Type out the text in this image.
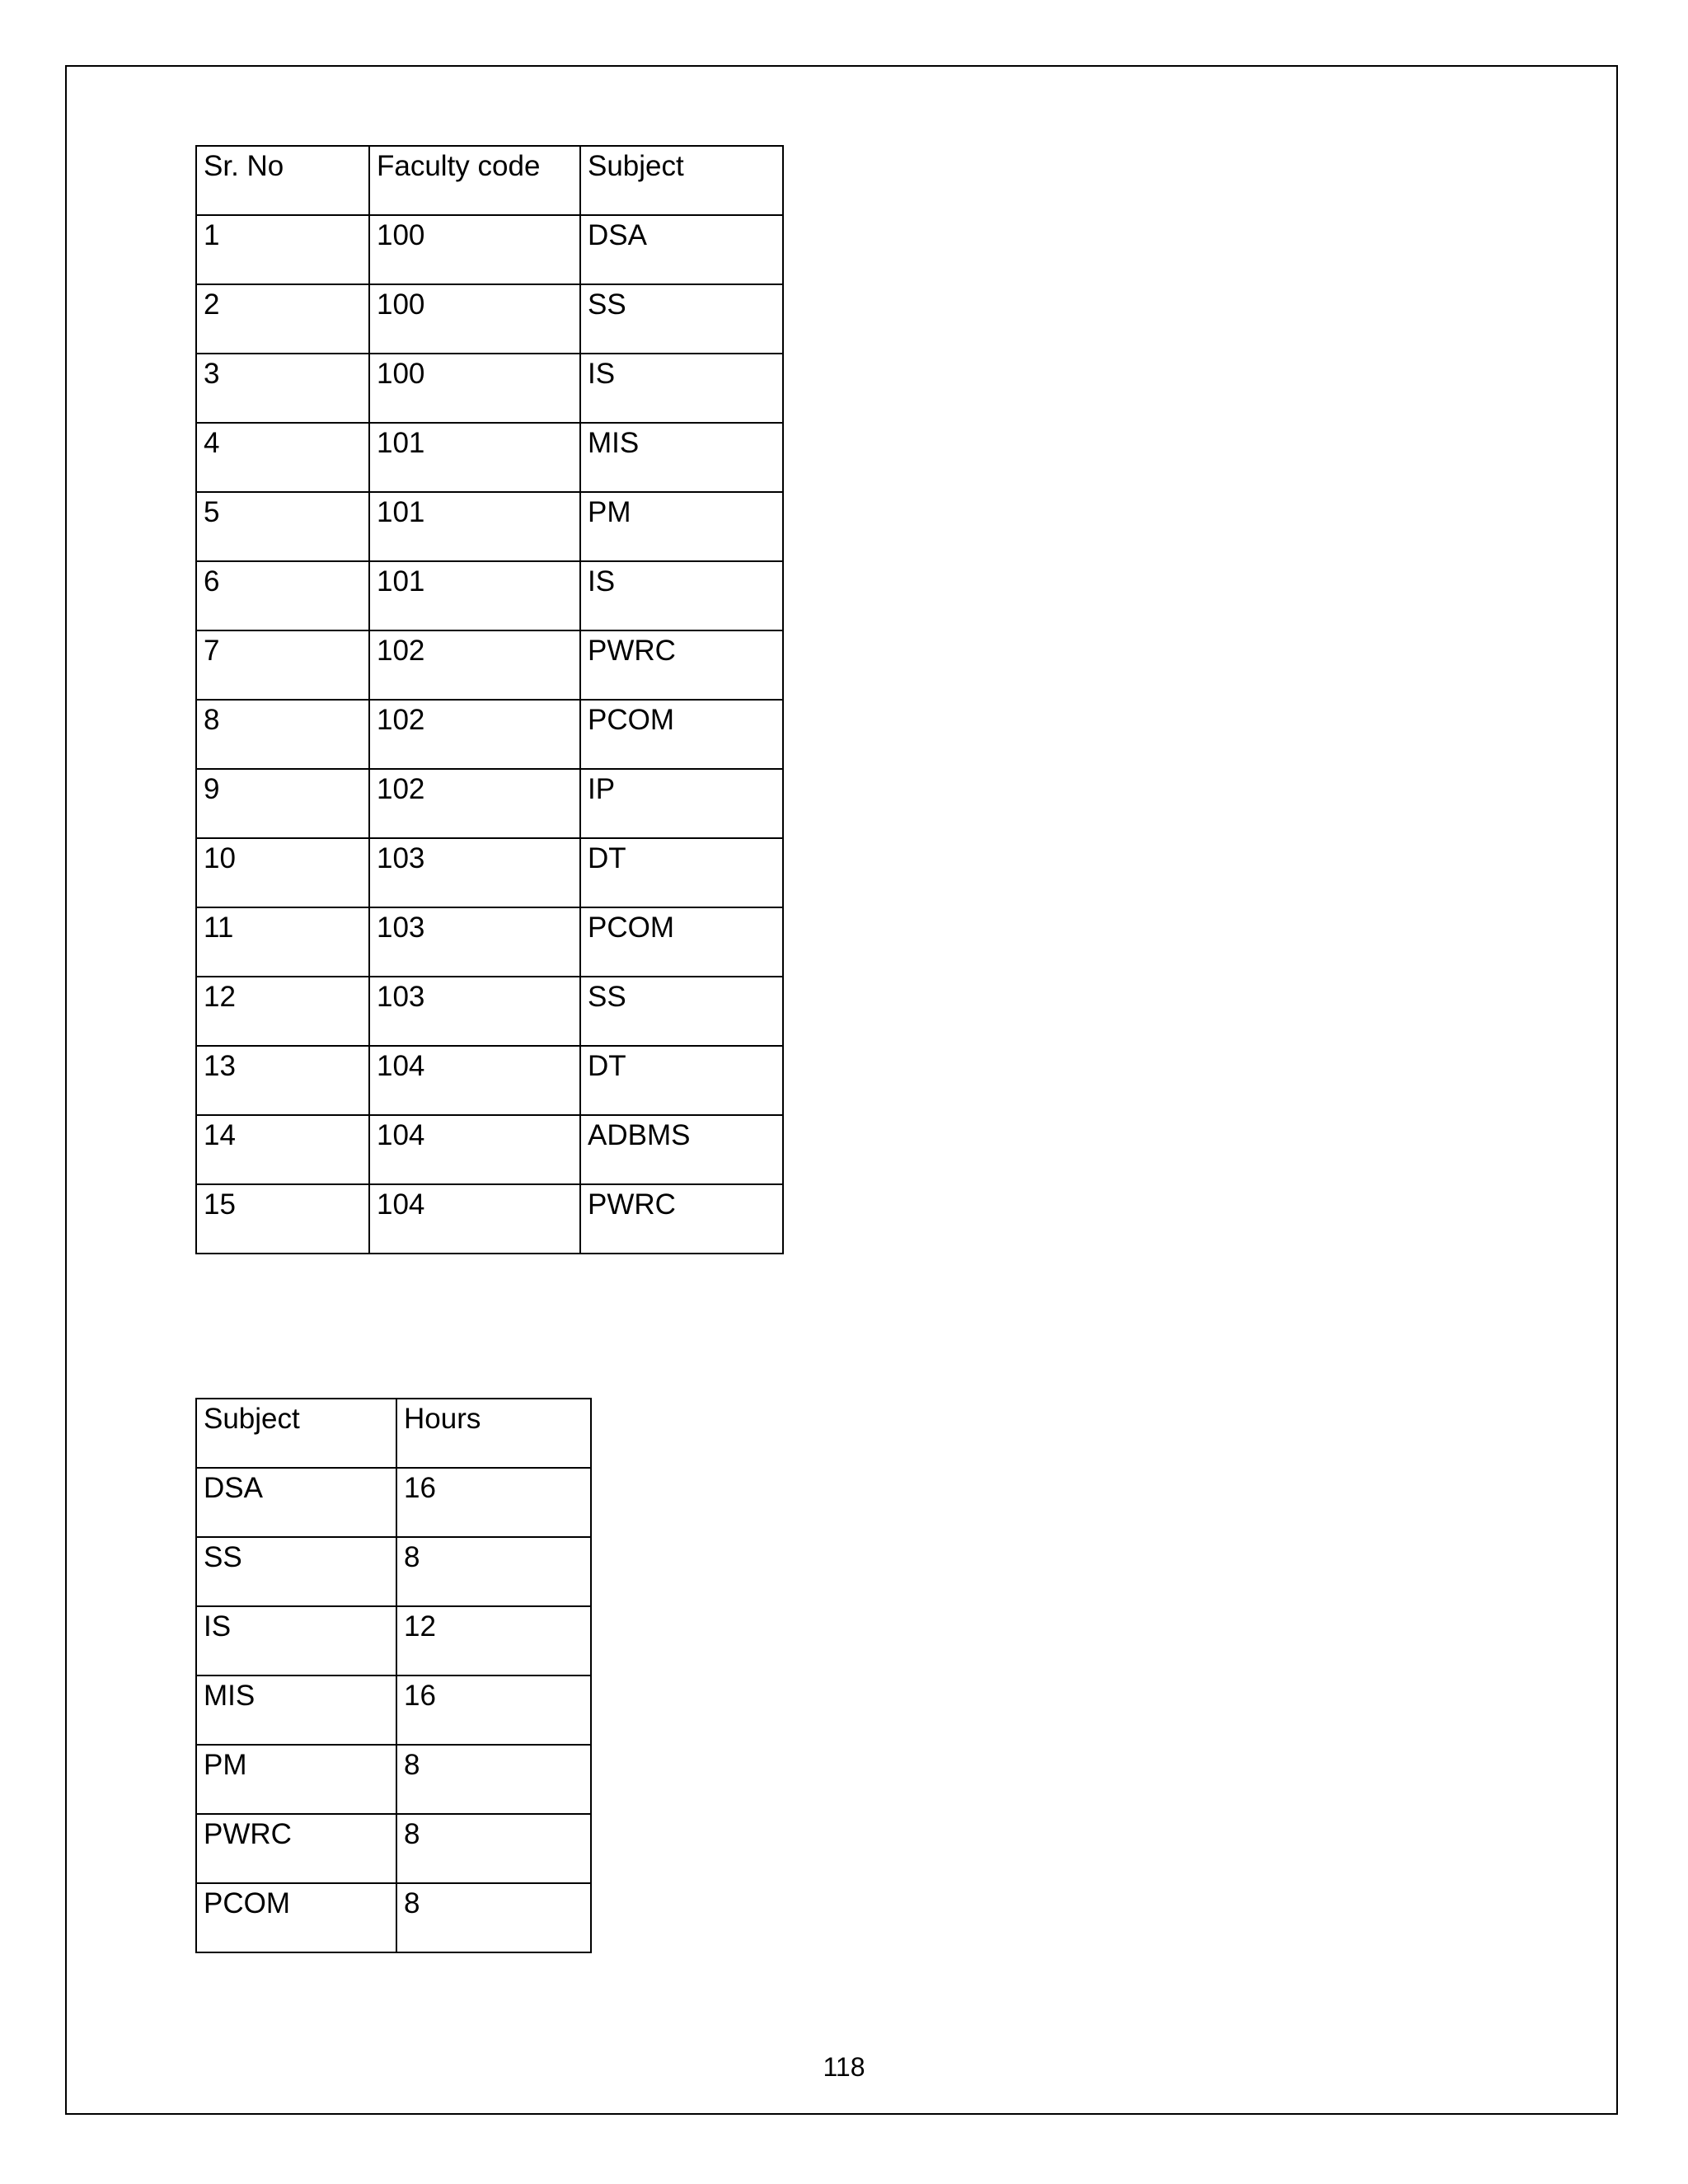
Sr. No	Faculty code	Subject
1	100	DSA
2	100	SS
3	100	IS
4	101	MIS
5	101	PM
6	101	IS
7	102	PWRC
8	102	PCOM
9	102	IP
10	103	DT
11	103	PCOM
12	103	SS
13	104	DT
14	104	ADBMS
15	104	PWRC
Subject	Hours
DSA	16
SS	8
IS	12
MIS	16
PM	8
PWRC	8
PCOM	8
118
